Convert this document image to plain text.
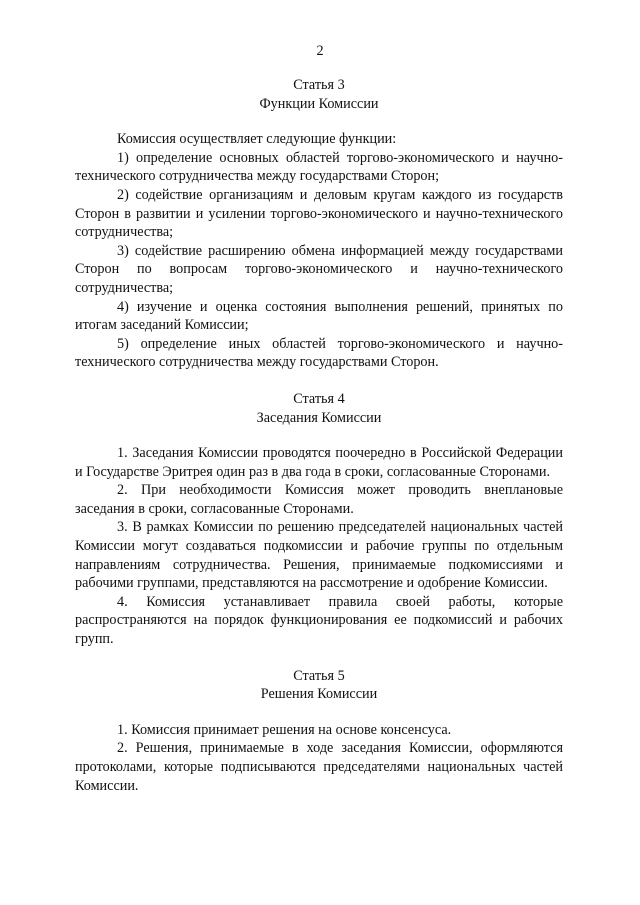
2
Статья 3
Функции Комиссии

Комиссия осуществляет следующие функции:

1) определение основных областей торгово-экономического и научно-технического сотрудничества между государствами Сторон;

2) содействие организациям и деловым кругам каждого из государств Сторон в развитии и усилении торгово-экономического и научно-технического сотрудничества;

3) содействие расширению обмена информацией между государствами Сторон по вопросам торгово-экономического и научно-технического сотрудничества;

4) изучение и оценка состояния выполнения решений, принятых по итогам заседаний Комиссии;

5) определение иных областей торгово-экономического и научно-технического сотрудничества между государствами Сторон.

Статья 4
Заседания Комиссии

1. Заседания Комиссии проводятся поочередно в Российской Федерации и Государстве Эритрея один раз в два года в сроки, согласованные Сторонами.

2. При необходимости Комиссия может проводить внеплановые заседания в сроки, согласованные Сторонами.

3. В рамках Комиссии по решению председателей национальных частей Комиссии могут создаваться подкомиссии и рабочие группы по отдельным направлениям сотрудничества. Решения, принимаемые подкомиссиями и рабочими группами, представляются на рассмотрение и одобрение Комиссии.

4. Комиссия устанавливает правила своей работы, которые распространяются на порядок функционирования ее подкомиссий и рабочих групп.

Статья 5
Решения Комиссии

1. Комиссия принимает решения на основе консенсуса.

2. Решения, принимаемые в ходе заседания Комиссии, оформляются протоколами, которые подписываются председателями национальных частей Комиссии.
